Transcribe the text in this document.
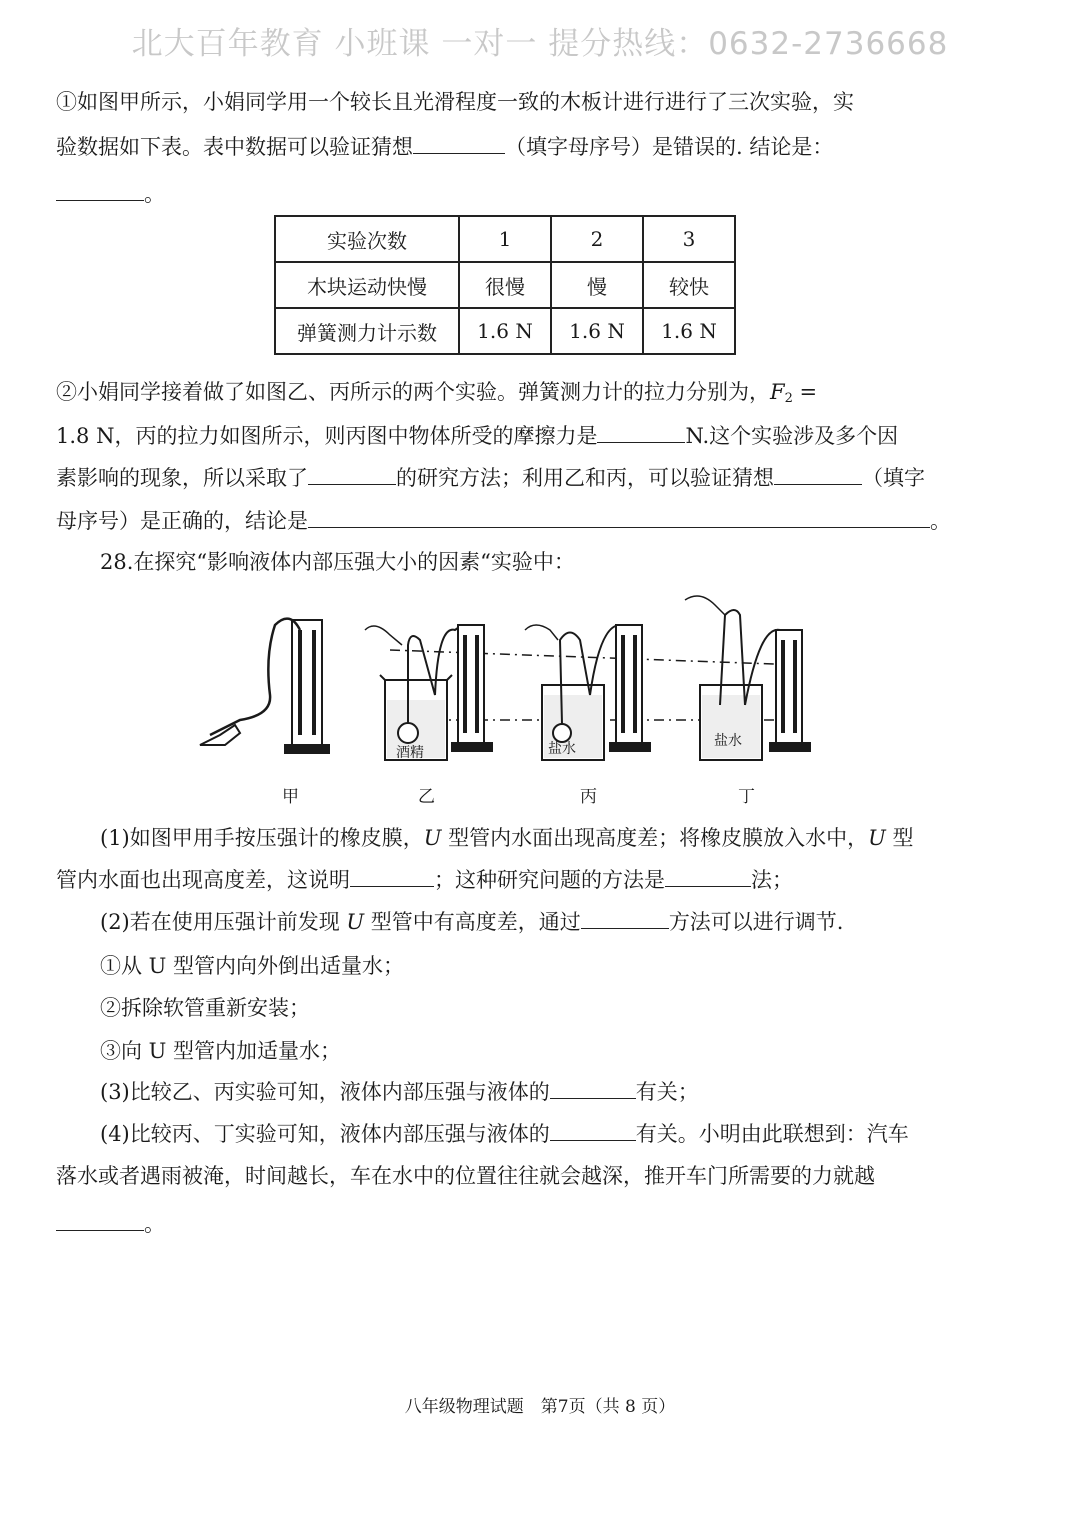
北大百年教育 小班课 一对一 提分热线：0632-2736668
①如图甲所示，小娟同学用一个较长且光滑程度一致的木板计进行进行了三次实验，实
验数据如下表。表中数据可以验证猜想	（填字母序号）是错误的. 结论是：
。
实验次数	1	2	3
木块运动快慢	很慢	慢	较快
弹簧测力计示数	1.6 N	1.6 N	1.6 N
②小娟同学接着做了如图乙、丙所示的两个实验。弹簧测力计的拉力分别为，$F_2$ =
1.8 N，丙的拉力如图所示，则丙图中物体所受的摩擦力是	N.这个实验涉及多个因
素影响的现象，所以采取了	的研究方法；利用乙和丙，可以验证猜想	（填字
母序号）是正确的，结论是	。
28.在探究“影响液体内部压强大小的因素“实验中：
酒精	盐水	盐水
甲	乙	丙	丁
(1)如图甲用手按压强计的橡皮膜，U 型管内水面出现高度差；将橡皮膜放入水中，U 型
管内水面也出现高度差，这说明	；这种研究问题的方法是	法；
(2)若在使用压强计前发现 U 型管中有高度差，通过	方法可以进行调节.
①从 U 型管内向外倒出适量水；
②拆除软管重新安装；
③向 U 型管内加适量水；
(3)比较乙、丙实验可知，液体内部压强与液体的	有关；
(4)比较丙、丁实验可知，液体内部压强与液体的	有关。小明由此联想到：汽车
落水或者遇雨被淹，时间越长，车在水中的位置往往就会越深，推开车门所需要的力就越
。
八年级物理试题　第7页（共 8 页）
